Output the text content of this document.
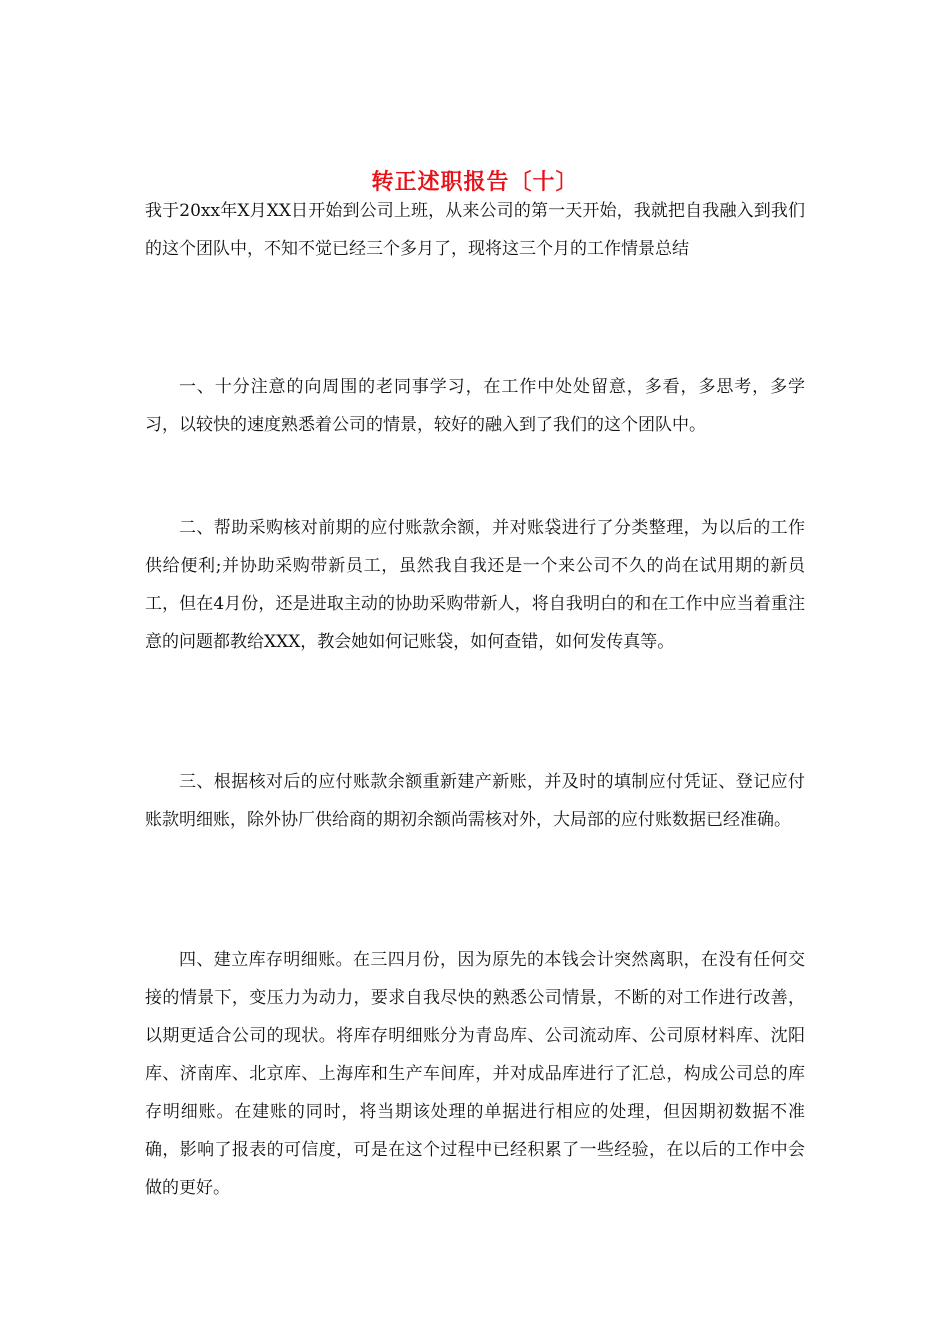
转正述职报告〔十〕

我于20xx年X月XX日开始到公司上班，从来公司的第一天开始，我就把自我融入到我们的这个团队中，不知不觉已经三个多月了，现将这三个月的工作情景总结

一、十分注意的向周围的老同事学习，在工作中处处留意，多看，多思考，多学习，以较快的速度熟悉着公司的情景，较好的融入到了我们的这个团队中。

二、帮助采购核对前期的应付账款余额，并对账袋进行了分类整理，为以后的工作供给便利;并协助采购带新员工，虽然我自我还是一个来公司不久的尚在试用期的新员工，但在4月份，还是进取主动的协助采购带新人，将自我明白的和在工作中应当着重注意的问题都教给XXX，教会她如何记账袋，如何查错，如何发传真等。

三、根据核对后的应付账款余额重新建产新账，并及时的填制应付凭证、登记应付账款明细账，除外协厂供给商的期初余额尚需核对外，大局部的应付账数据已经准确。

四、建立库存明细账。在三四月份，因为原先的本钱会计突然离职，在没有任何交接的情景下，变压力为动力，要求自我尽快的熟悉公司情景，不断的对工作进行改善，以期更适合公司的现状。将库存明细账分为青岛库、公司流动库、公司原材料库、沈阳库、济南库、北京库、上海库和生产车间库，并对成品库进行了汇总，构成公司总的库存明细账。在建账的同时，将当期该处理的单据进行相应的处理，但因期初数据不准确，影响了报表的可信度，可是在这个过程中已经积累了一些经验，在以后的工作中会做的更好。
